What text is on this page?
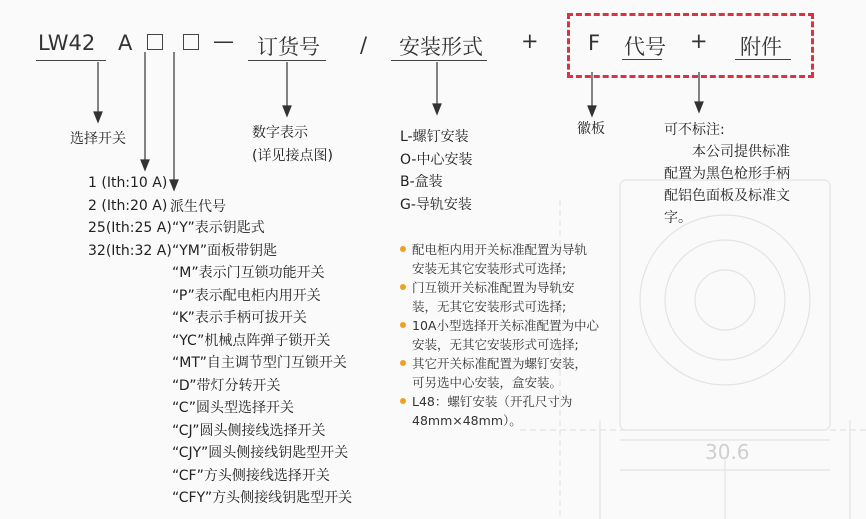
30.6
LW42 A	— 订货号 / 安装形式 + F 代号 + 附件
选择开关	数字表示
(详见接点图)
徽板	可不标注:
派生代号
L-螺钉安装
O-中心安装
B-盒装
G-导轨安装
1 (Ith:10 A)
2 (Ith:20 A)
25(Ith:25 A)
32(Ith:32 A)
“Y”表示钥匙式
“YM”面板带钥匙
“M”表示门互锁功能开关
“P”表示配电柜内用开关
“K”表示手柄可拔开关
“YC”机械点阵弹子锁开关
“MT”自主调节型门互锁开关
“D”带灯分转开关
“C”圆头型选择开关
“CJ”圆头侧接线选择开关
“CJY”圆头侧接线钥匙型开关
“CF”方头侧接线选择开关
“CFY”方头侧接线钥匙型开关
配电柜内用开关标准配置为导轨
安装无其它安装形式可选择;
门互锁开关标准配置为导轨安
装，无其它安装形式可选择;
10A小型选择开关标准配置为中心
安装，无其它安装形式可选择;
其它开关标准配置为螺钉安装，
可另选中心安装，盒安装。
L48：螺钉安装（开孔尺寸为
48mm×48mm）。
本公司提供标准
配置为黑色枪形手柄
配铝色面板及标准文
字。
